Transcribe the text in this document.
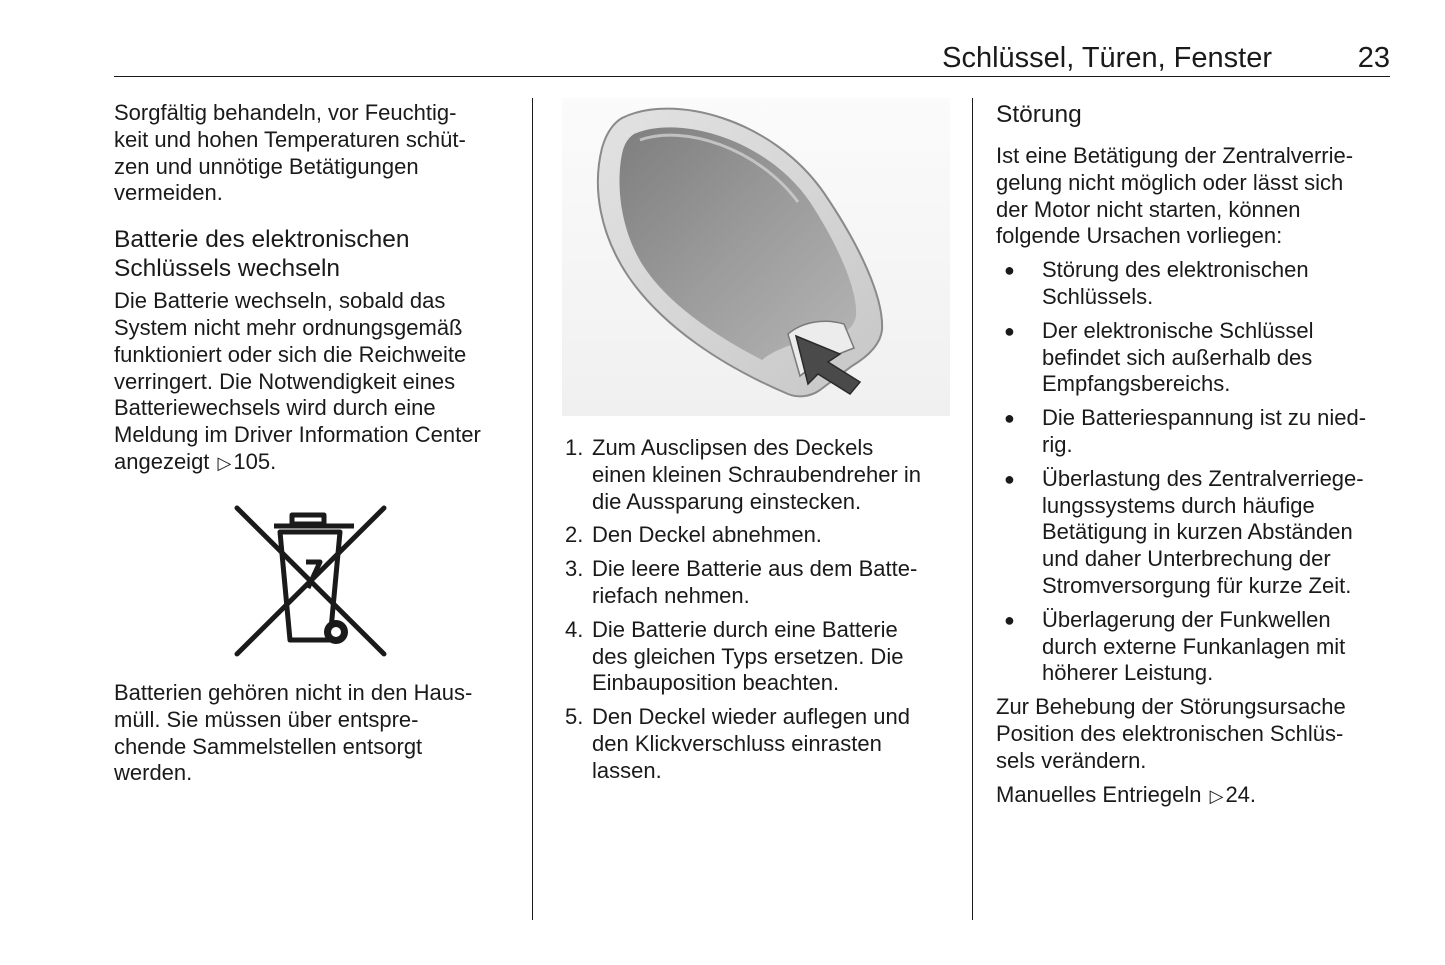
Schlüssel, Türen, Fenster	23

Sorgfältig behandeln, vor Feuchtig-
keit und hohen Temperaturen schüt-
zen und unnötige Betätigungen
vermeiden.

Batterie des elektronischen
Schlüssels wechseln

Die Batterie wechseln, sobald das
System nicht mehr ordnungsgemäß
funktioniert oder sich die Reichweite
verringert. Die Notwendigkeit eines
Batteriewechsels wird durch eine
Meldung im Driver Information Center
angezeigt ▷105.

Batterien gehören nicht in den Haus-
müll. Sie müssen über entspre-
chende Sammelstellen entsorgt
werden.

1. Zum Ausclipsen des Deckels
einen kleinen Schraubendreher in
die Aussparung einstecken.
2. Den Deckel abnehmen.
3. Die leere Batterie aus dem Batte-
riefach nehmen.
4. Die Batterie durch eine Batterie
des gleichen Typs ersetzen. Die
Einbauposition beachten.
5. Den Deckel wieder auflegen und
den Klickverschluss einrasten
lassen.
Störung

Ist eine Betätigung der Zentralverrie-
gelung nicht möglich oder lässt sich
der Motor nicht starten, können
folgende Ursachen vorliegen:

●	Störung des elektronischen
Schlüssels.
●	Der elektronische Schlüssel
befindet sich außerhalb des
Empfangsbereichs.
●	Die Batteriespannung ist zu nied-
rig.
●	Überlastung des Zentralverriege-
lungssystems durch häufige
Betätigung in kurzen Abständen
und daher Unterbrechung der
Stromversorgung für kurze Zeit.
●	Überlagerung der Funkwellen
durch externe Funkanlagen mit
höherer Leistung.

Zur Behebung der Störungsursache
Position des elektronischen Schlüs-
sels verändern.

Manuelles Entriegeln ▷24.
